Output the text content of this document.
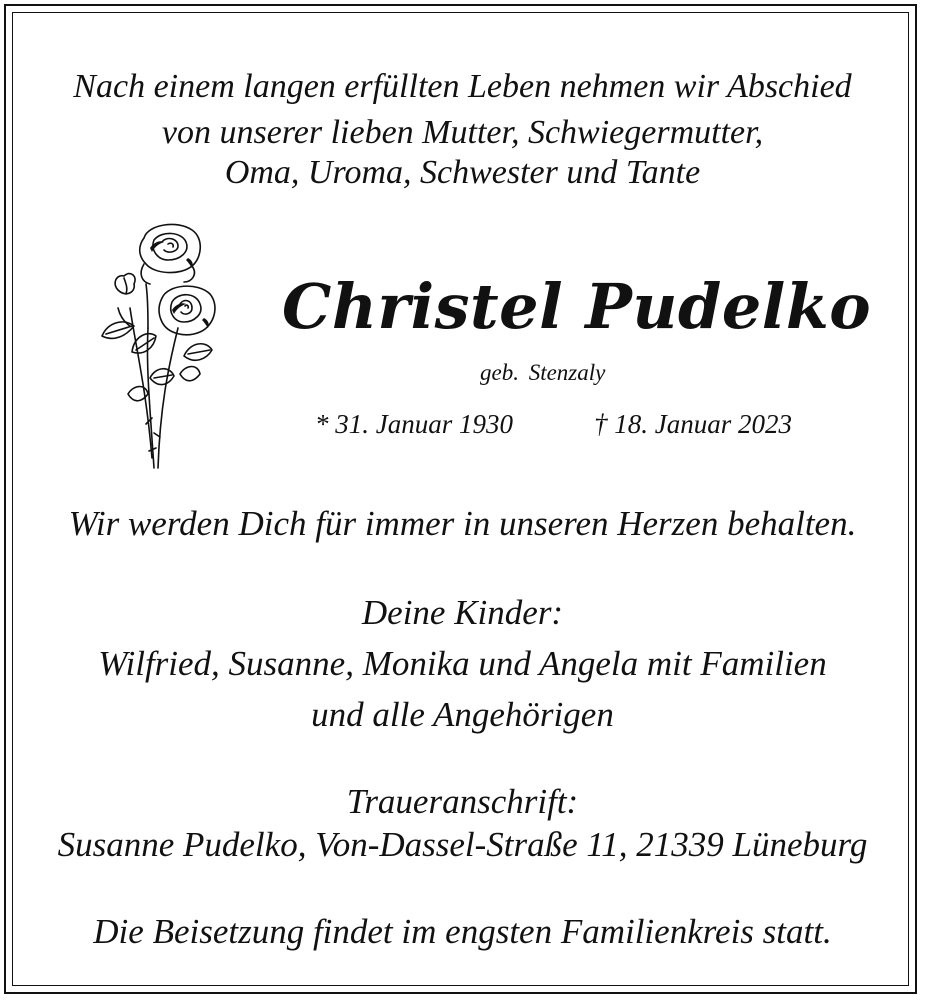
Nach einem langen erfüllten Leben nehmen wir Abschied
von unserer lieben Mutter, Schwiegermutter,
Oma, Uroma, Schwester und Tante
Christel Pudelko
geb. Stenzaly
* 31. Januar 1930	† 18. Januar 2023
Wir werden Dich für immer in unseren Herzen behalten.
Deine Kinder:
Wilfried, Susanne, Monika und Angela mit Familien
und alle Angehörigen
Traueranschrift:
Susanne Pudelko, Von-Dassel-Straße 11, 21339 Lüneburg
Die Beisetzung findet im engsten Familienkreis statt.
